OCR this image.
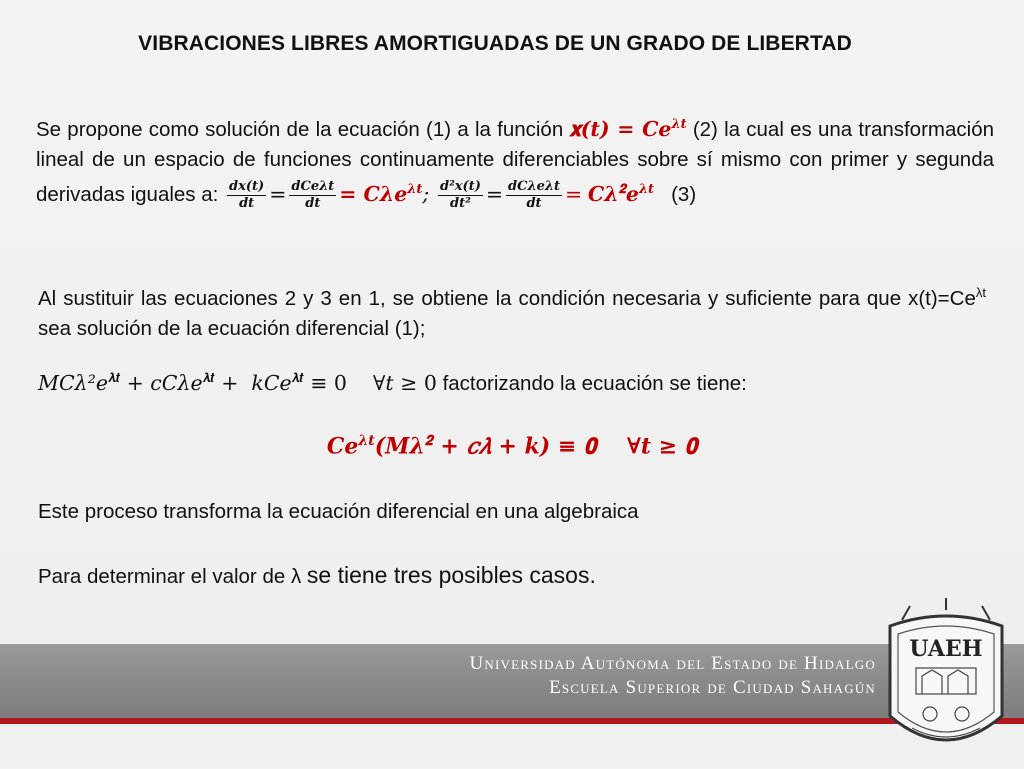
VIBRACIONES LIBRES AMORTIGUADAS DE UN GRADO DE LIBERTAD
Se propone como solución de la ecuación (1) a la función 𝐱(𝒕) = 𝑪𝒆$^{𝝀𝒕}$ (2) la cual es una transformación lineal de un espacio de funciones continuamente diferenciables sobre sí mismo con primer y segunda derivadas iguales a: $\frac{dx(t)}{dt} = \frac{\text{dCeλt}}{dt}$ = 𝑪𝝀𝒆$^{𝝀𝒕}$; $\frac{\text{d²x(t)}}{\text{dt²}} = \frac{\text{dCλeλt}}{dt}$ = 𝑪𝝀$^𝟐$𝒆$^{𝝀𝒕}$   (3)
Al sustituir las ecuaciones 2 y 3 en 1, se obtiene la condición necesaria y suficiente para que $x(t)=Ce^{\lambda t}$ sea solución de la ecuación diferencial (1);
𝑀𝐶𝜆²𝑒$^{𝝀𝒕}$ + 𝑐𝐶𝜆𝑒$^{𝝀𝒕}$ +  𝑘𝐶𝑒$^{𝝀𝒕}$ ≡ 0    ∀𝑡 ≥ 0 factorizando la ecuación se tiene:
𝑪𝒆$^{𝝀𝒕}$(𝑴𝝀$^𝟐$ + 𝑐𝜆 + 𝒌) ≡ 𝟎    ∀𝒕 ≥ 𝟎
Este proceso transforma la ecuación diferencial en una algebraica
Para determinar el valor de λ se tiene tres posibles casos.
Universidad Autónoma del Estado de Hidalgo
Escuela Superior de Ciudad Sahagún
UAEH
